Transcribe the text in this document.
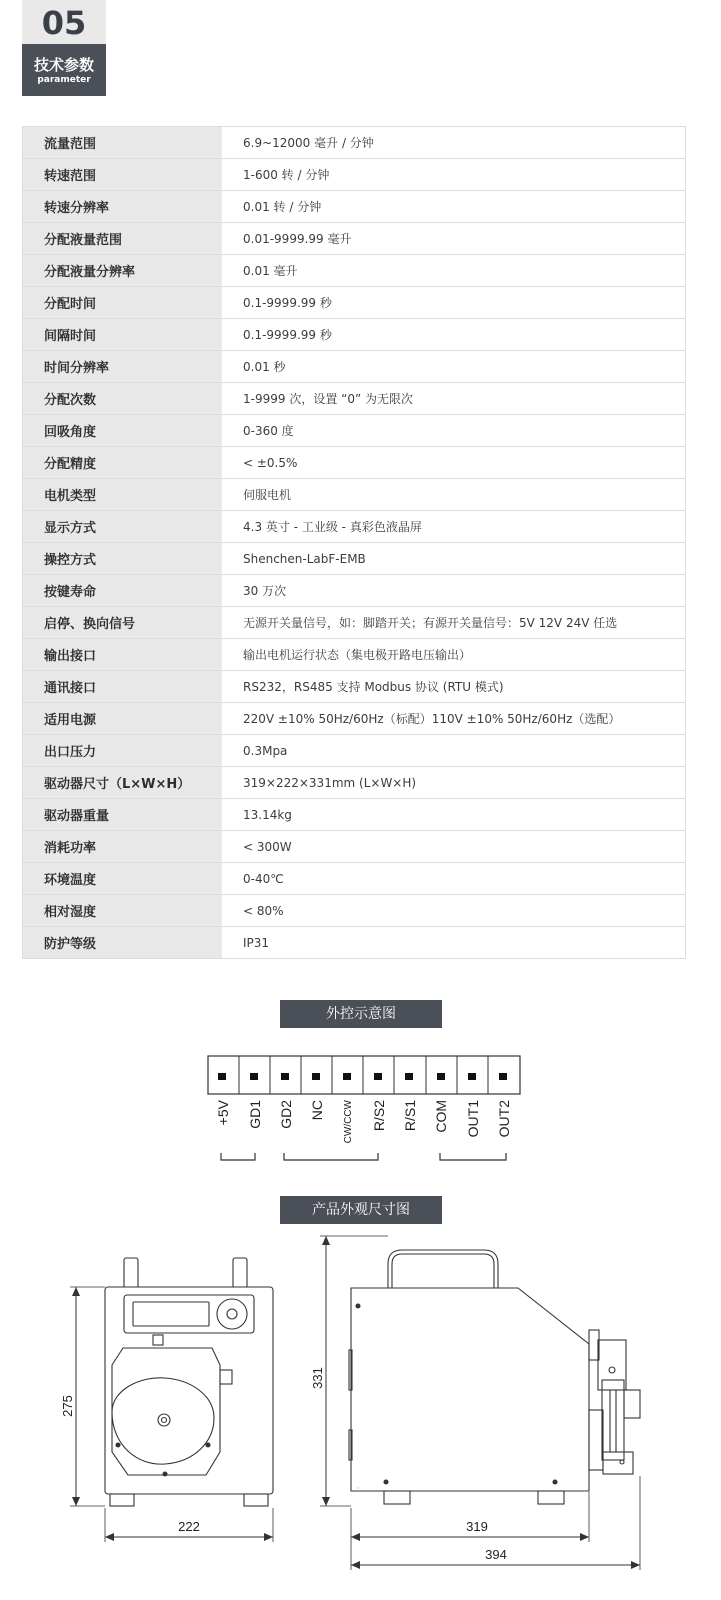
05
技术参数
parameter
流量范围	6.9~12000 毫升 / 分钟
转速范围	1-600 转 / 分钟
转速分辨率	0.01 转 / 分钟
分配液量范围	0.01-9999.99 毫升
分配液量分辨率	0.01 毫升
分配时间	0.1-9999.99 秒
间隔时间	0.1-9999.99 秒
时间分辨率	0.01 秒
分配次数	1-9999 次，设置 “0” 为无限次
回吸角度	0-360 度
分配精度	< ±0.5%
电机类型	伺服电机
显示方式	4.3 英寸 - 工业级 - 真彩色液晶屏
操控方式	Shenchen-LabF-EMB
按键寿命	30 万次
启停、换向信号	无源开关量信号，如：脚踏开关；有源开关量信号：5V 12V 24V 任选
输出接口	输出电机运行状态（集电极开路电压输出）
通讯接口	RS232，RS485 支持 Modbus 协议 (RTU 模式)
适用电源	220V ±10% 50Hz/60Hz（标配）110V ±10% 50Hz/60Hz（选配）
出口压力	0.3Mpa
驱动器尺寸（L×W×H）	319×222×331mm (L×W×H)
驱动器重量	13.14kg
消耗功率	< 300W
环境温度	0-40℃
相对湿度	< 80%
防护等级	IP31
外控示意图
+5V GD1 GD2 NC CW/CCW R/S2 R/S1 COM OUT1 OUT2
产品外观尺寸图
275
222
331
319
394
